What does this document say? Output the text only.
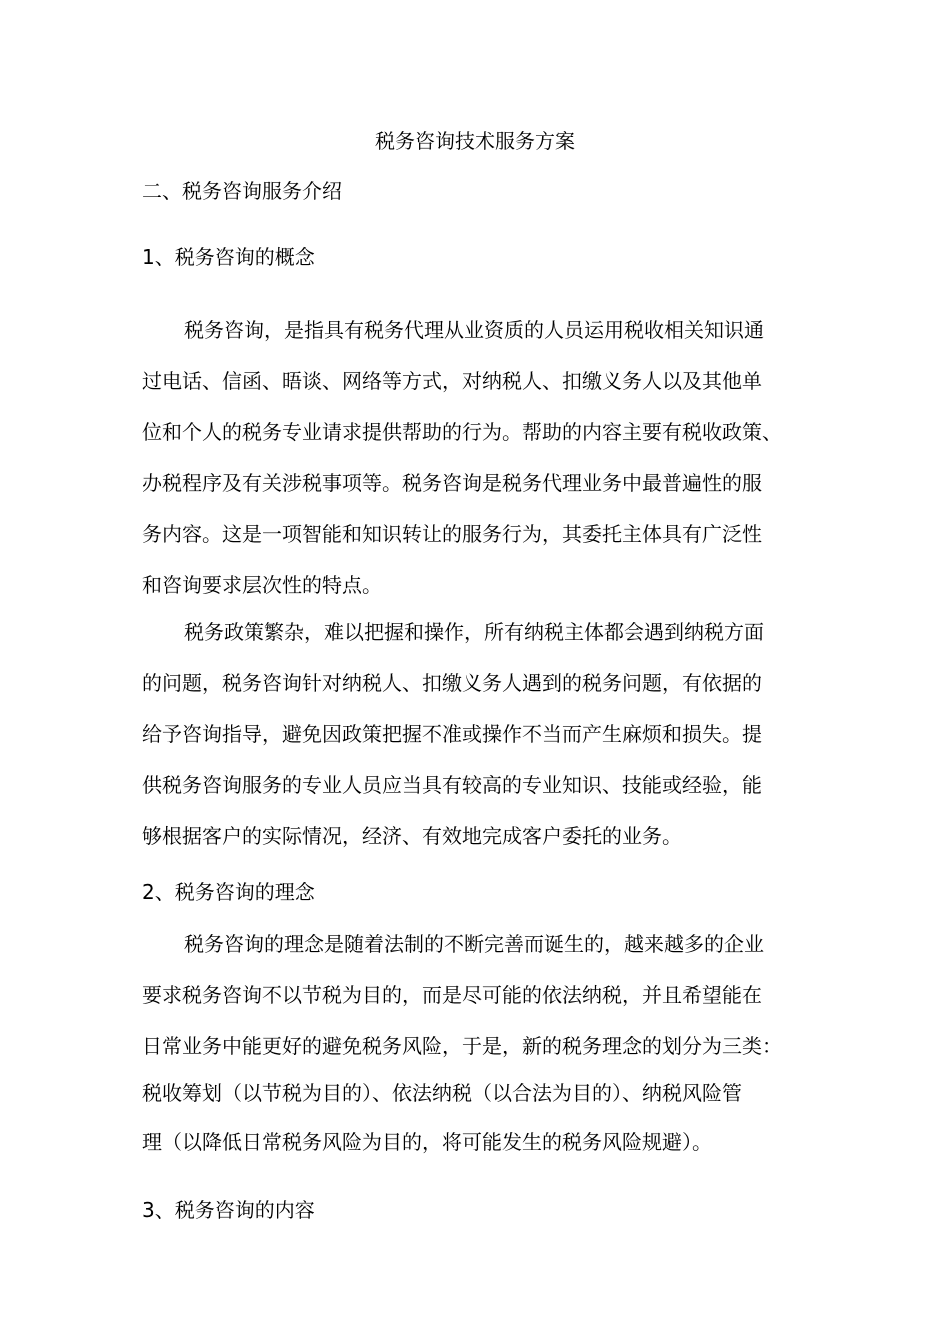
税务咨询技术服务方案
二、税务咨询服务介绍
1、税务咨询的概念
税务咨询，是指具有税务代理从业资质的人员运用税收相关知识通
过电话、信函、晤谈、网络等方式，对纳税人、扣缴义务人以及其他单
位和个人的税务专业请求提供帮助的行为。帮助的内容主要有税收政策、
办税程序及有关涉税事项等。税务咨询是税务代理业务中最普遍性的服
务内容。这是一项智能和知识转让的服务行为，其委托主体具有广泛性
和咨询要求层次性的特点。
税务政策繁杂，难以把握和操作，所有纳税主体都会遇到纳税方面
的问题，税务咨询针对纳税人、扣缴义务人遇到的税务问题，有依据的
给予咨询指导，避免因政策把握不准或操作不当而产生麻烦和损失。提
供税务咨询服务的专业人员应当具有较高的专业知识、技能或经验，能
够根据客户的实际情况，经济、有效地完成客户委托的业务。
2、税务咨询的理念
税务咨询的理念是随着法制的不断完善而诞生的，越来越多的企业
要求税务咨询不以节税为目的，而是尽可能的依法纳税，并且希望能在
日常业务中能更好的避免税务风险，于是，新的税务理念的划分为三类：
税收筹划（以节税为目的）、依法纳税（以合法为目的）、纳税风险管
理（以降低日常税务风险为目的，将可能发生的税务风险规避）。
3、税务咨询的内容
